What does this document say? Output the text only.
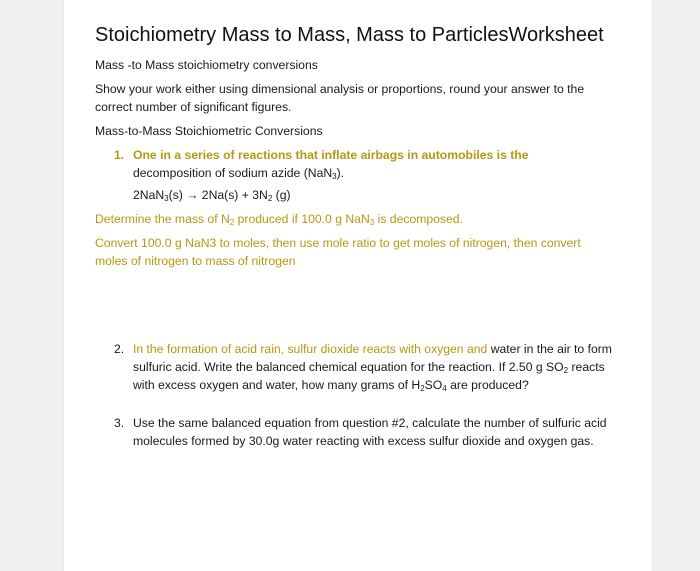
Stoichiometry Mass to Mass, Mass to ParticlesWorksheet

Mass -to Mass stoichiometry conversions

Show your work either using dimensional analysis or proportions, round your answer to the correct number of significant figures.

Mass-to-Mass Stoichiometric Conversions

1. One in a series of reactions that inflate airbags in automobiles is the
decomposition of sodium azide (NaN$_3$).
$2NaN_3(s) \to 2Na(s) + 3N_2$ (g)

Determine the mass of $N_2$ produced if 100.0 g NaN$_3$ is decomposed.

Convert 100.0 g NaN3 to moles, then use mole ratio to get moles of nitrogen, then convert moles of nitrogen to mass of nitrogen

2. In the formation of acid rain, sulfur dioxide reacts with oxygen and water in the air to form sulfuric acid. Write the balanced chemical equation for the reaction. If 2.50 g $SO_2$ reacts with excess oxygen and water, how many grams of $H_2SO_4$ are produced?
3. Use the same balanced equation from question #2, calculate the number of sulfuric acid molecules formed by 30.0g water reacting with excess sulfur dioxide and oxygen gas.
